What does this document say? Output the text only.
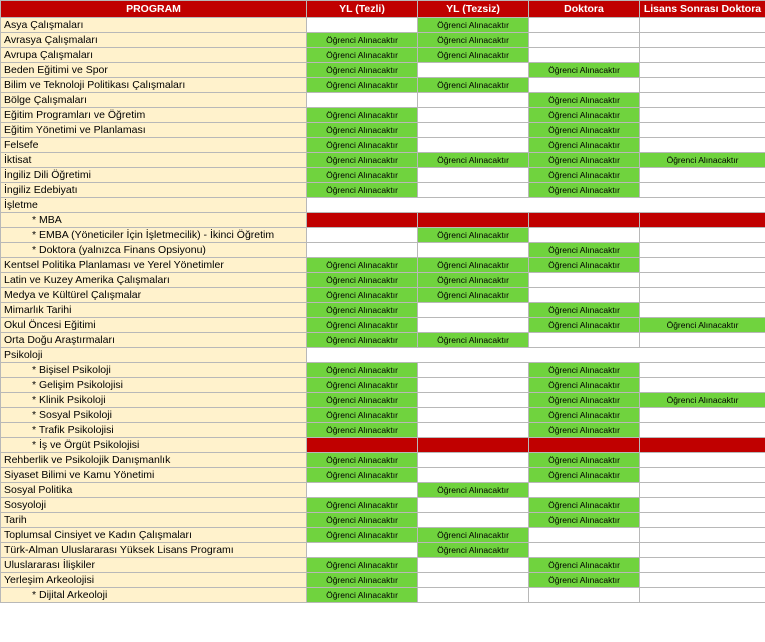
PROGRAM	YL (Tezli)	YL (Tezsiz)	Doktora	Lisans Sonrası Doktora
Asya Çalışmaları		Öğrenci Alınacaktır		
Avrasya Çalışmaları	Öğrenci Alınacaktır	Öğrenci Alınacaktır		
Avrupa Çalışmaları	Öğrenci Alınacaktır	Öğrenci Alınacaktır		
Beden Eğitimi ve Spor	Öğrenci Alınacaktır		Öğrenci Alınacaktır	
Bilim ve Teknoloji Politikası Çalışmaları	Öğrenci Alınacaktır	Öğrenci Alınacaktır		
Bölge Çalışmaları			Öğrenci Alınacaktır	
Eğitim Programları ve Öğretim	Öğrenci Alınacaktır		Öğrenci Alınacaktır	
Eğitim Yönetimi ve Planlaması	Öğrenci Alınacaktır		Öğrenci Alınacaktır	
Felsefe	Öğrenci Alınacaktır		Öğrenci Alınacaktır	
İktisat	Öğrenci Alınacaktır	Öğrenci Alınacaktır	Öğrenci Alınacaktır	Öğrenci Alınacaktır
İngiliz Dili Öğretimi	Öğrenci Alınacaktır		Öğrenci Alınacaktır	
İngiliz Edebiyatı	Öğrenci Alınacaktır		Öğrenci Alınacaktır	
İşletme				
* MBA				
* EMBA (Yöneticiler İçin İşletmecilik) - İkinci Öğretim		Öğrenci Alınacaktır		
* Doktora (yalnızca Finans Opsiyonu)			Öğrenci Alınacaktır	
Kentsel Politika Planlaması ve Yerel Yönetimler	Öğrenci Alınacaktır	Öğrenci Alınacaktır	Öğrenci Alınacaktır	
Latin ve Kuzey Amerika Çalışmaları	Öğrenci Alınacaktır	Öğrenci Alınacaktır		
Medya ve Kültürel Çalışmalar	Öğrenci Alınacaktır	Öğrenci Alınacaktır		
Mimarlık Tarihi	Öğrenci Alınacaktır		Öğrenci Alınacaktır	
Okul Öncesi Eğitimi	Öğrenci Alınacaktır		Öğrenci Alınacaktır	Öğrenci Alınacaktır
Orta Doğu Araştırmaları	Öğrenci Alınacaktır	Öğrenci Alınacaktır		
Psikoloji				
* Bişisel Psikoloji	Öğrenci Alınacaktır		Öğrenci Alınacaktır	
* Gelişim Psikolojisi	Öğrenci Alınacaktır		Öğrenci Alınacaktır	
* Klinik Psikoloji	Öğrenci Alınacaktır		Öğrenci Alınacaktır	Öğrenci Alınacaktır
* Sosyal Psikoloji	Öğrenci Alınacaktır		Öğrenci Alınacaktır	
* Trafik Psikolojisi	Öğrenci Alınacaktır		Öğrenci Alınacaktır	
* İş ve Örgüt Psikolojisi				
Rehberlik ve Psikolojik Danışmanlık	Öğrenci Alınacaktır		Öğrenci Alınacaktır	
Siyaset Bilimi ve Kamu Yönetimi	Öğrenci Alınacaktır		Öğrenci Alınacaktır	
Sosyal Politika		Öğrenci Alınacaktır		
Sosyoloji	Öğrenci Alınacaktır		Öğrenci Alınacaktır	
Tarih	Öğrenci Alınacaktır		Öğrenci Alınacaktır	
Toplumsal Cinsiyet ve Kadın Çalışmaları	Öğrenci Alınacaktır	Öğrenci Alınacaktır		
Türk-Alman Uluslararası Yüksek Lisans Programı		Öğrenci Alınacaktır		
Uluslararası İlişkiler	Öğrenci Alınacaktır		Öğrenci Alınacaktır	
Yerleşim Arkeolojisi	Öğrenci Alınacaktır		Öğrenci Alınacaktır	
* Dijital Arkeoloji	Öğrenci Alınacaktır			
